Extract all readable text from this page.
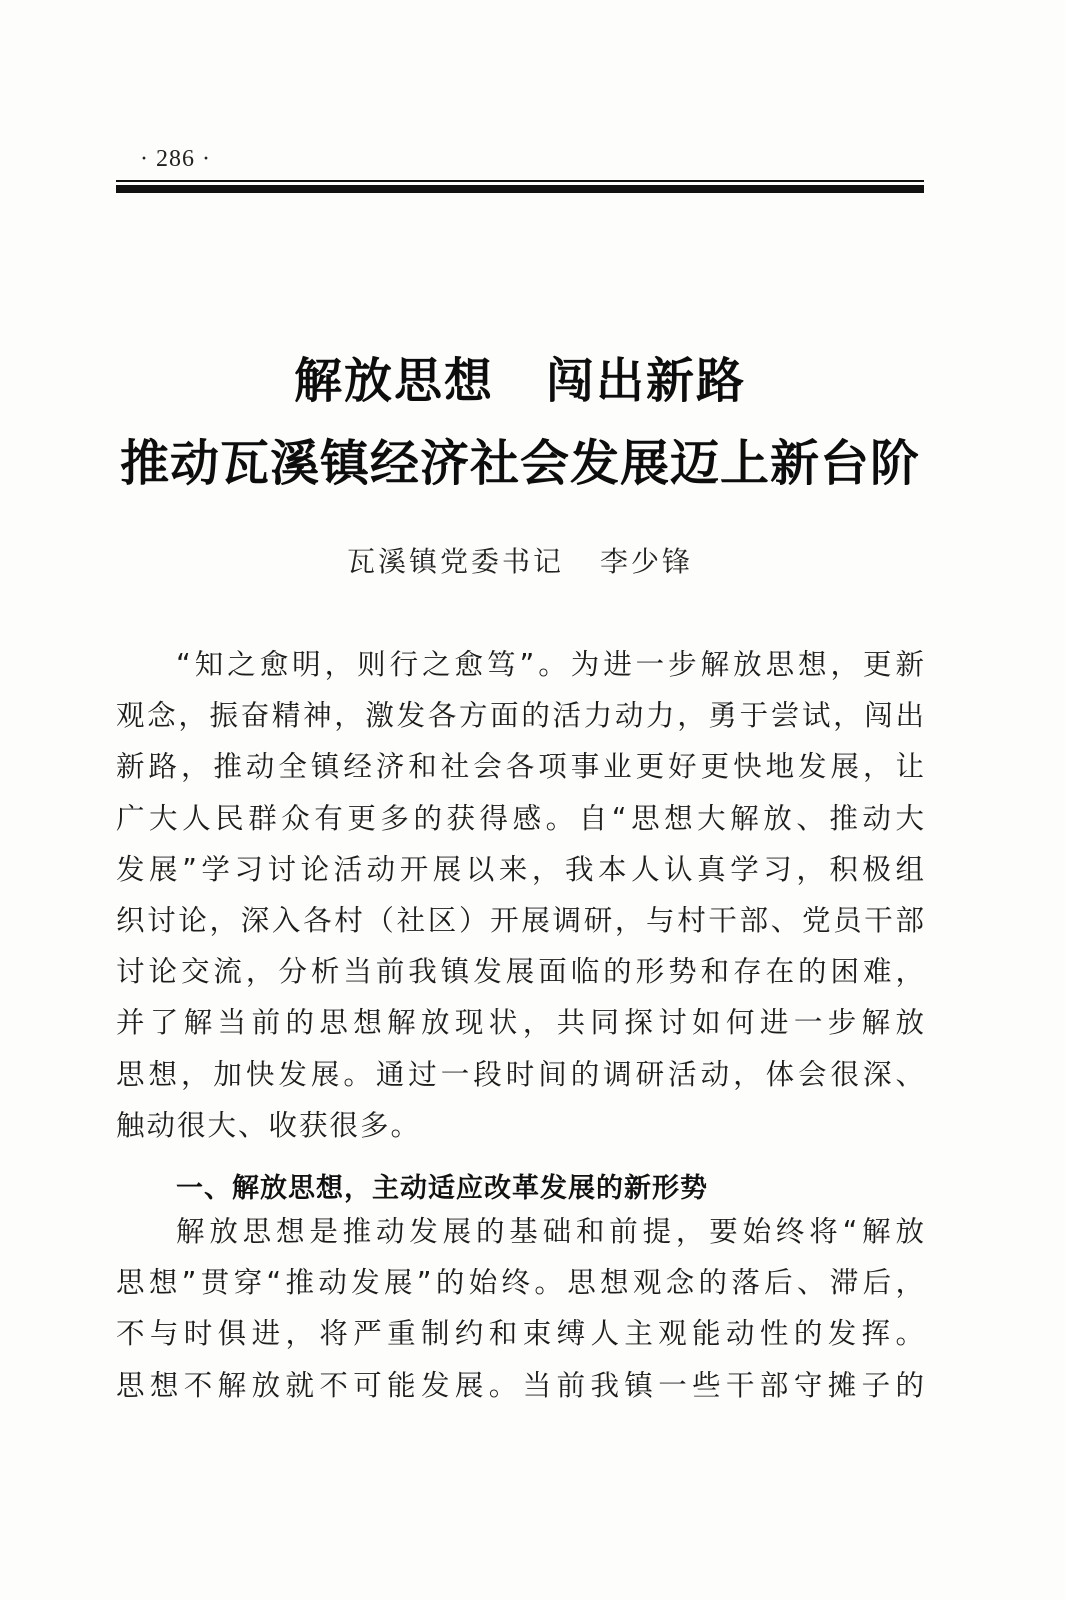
· 286 ·
解放思想 闯出新路
推动瓦溪镇经济社会发展迈上新台阶
瓦溪镇党委书记 李少锋
“知之愈明，则行之愈笃”。为进一步解放思想，更新
观念，振奋精神，激发各方面的活力动力，勇于尝试，闯出
新路，推动全镇经济和社会各项事业更好更快地发展，让
广大人民群众有更多的获得感。自“思想大解放、推动大
发展”学习讨论活动开展以来，我本人认真学习，积极组
织讨论，深入各村（社区）开展调研，与村干部、党员干部
讨论交流，分析当前我镇发展面临的形势和存在的困难，
并了解当前的思想解放现状，共同探讨如何进一步解放
思想，加快发展。通过一段时间的调研活动，体会很深、
触动很大、收获很多。
一、解放思想，主动适应改革发展的新形势
解放思想是推动发展的基础和前提，要始终将“解放
思想”贯穿“推动发展”的始终。思想观念的落后、滞后，
不与时俱进，将严重制约和束缚人主观能动性的发挥。
思想不解放就不可能发展。当前我镇一些干部守摊子的
